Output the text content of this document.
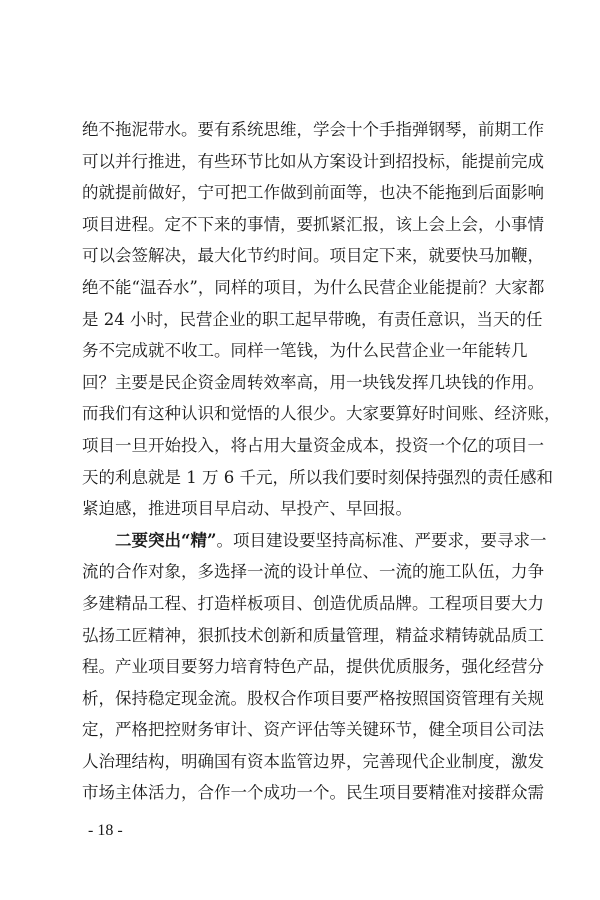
绝不拖泥带水。要有系统思维，学会十个手指弹钢琴，前期工作
可以并行推进，有些环节比如从方案设计到招投标，能提前完成
的就提前做好，宁可把工作做到前面等，也决不能拖到后面影响
项目进程。定不下来的事情，要抓紧汇报，该上会上会，小事情
可以会签解决，最大化节约时间。项目定下来，就要快马加鞭，
绝不能“温吞水”，同样的项目，为什么民营企业能提前？大家都
是 24 小时，民营企业的职工起早带晚，有责任意识，当天的任
务不完成就不收工。同样一笔钱，为什么民营企业一年能转几
回？主要是民企资金周转效率高，用一块钱发挥几块钱的作用。
而我们有这种认识和觉悟的人很少。大家要算好时间账、经济账，
项目一旦开始投入，将占用大量资金成本，投资一个亿的项目一
天的利息就是 1 万 6 千元，所以我们要时刻保持强烈的责任感和
紧迫感，推进项目早启动、早投产、早回报。
二要突出“精”。项目建设要坚持高标准、严要求，要寻求一
流的合作对象，多选择一流的设计单位、一流的施工队伍，力争
多建精品工程、打造样板项目、创造优质品牌。工程项目要大力
弘扬工匠精神，狠抓技术创新和质量管理，精益求精铸就品质工
程。产业项目要努力培育特色产品，提供优质服务，强化经营分
析，保持稳定现金流。股权合作项目要严格按照国资管理有关规
定，严格把控财务审计、资产评估等关键环节，健全项目公司法
人治理结构，明确国有资本监管边界，完善现代企业制度，激发
市场主体活力，合作一个成功一个。民生项目要精准对接群众需
- 18 -
